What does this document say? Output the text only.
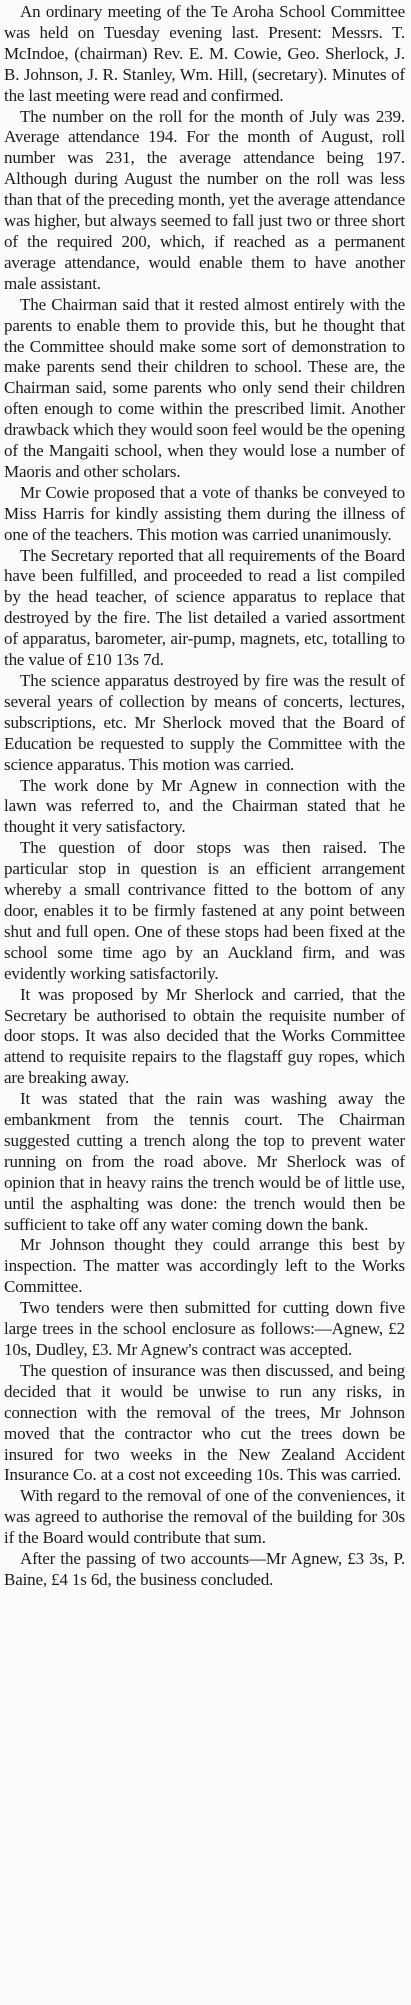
An ordinary meeting of the Te Aroha School Committee was held on Tuesday evening last. Present: Messrs. T. McIndoe, (chairman) Rev. E. M. Cowie, Geo. Sherlock, J. B. Johnson, J. R. Stanley, Wm. Hill, (secretary). Minutes of the last meeting were read and confirmed.

The number on the roll for the month of July was 239. Average attendance 194. For the month of August, roll number was 231, the average attendance being 197. Although during August the number on the roll was less than that of the preceding month, yet the average attendance was higher, but always seemed to fall just two or three short of the required 200, which, if reached as a permanent average attendance, would enable them to have another male assistant.

The Chairman said that it rested almost entirely with the parents to enable them to provide this, but he thought that the Committee should make some sort of demonstration to make parents send their children to school. These are, the Chairman said, some parents who only send their children often enough to come within the prescribed limit. Another drawback which they would soon feel would be the opening of the Mangaiti school, when they would lose a number of Maoris and other scholars.

Mr Cowie proposed that a vote of thanks be conveyed to Miss Harris for kindly assisting them during the illness of one of the teachers. This motion was carried unanimously.

The Secretary reported that all requirements of the Board have been fulfilled, and proceeded to read a list compiled by the head teacher, of science apparatus to replace that destroyed by the fire. The list detailed a varied assortment of apparatus, barometer, air-pump, magnets, etc, totalling to the value of £10 13s 7d.

The science apparatus destroyed by fire was the result of several years of collection by means of concerts, lectures, subscriptions, etc. Mr Sherlock moved that the Board of Education be requested to supply the Committee with the science apparatus. This motion was carried.

The work done by Mr Agnew in connection with the lawn was referred to, and the Chairman stated that he thought it very satisfactory.

The question of door stops was then raised. The particular stop in question is an efficient arrangement whereby a small contrivance fitted to the bottom of any door, enables it to be firmly fastened at any point between shut and full open. One of these stops had been fixed at the school some time ago by an Auckland firm, and was evidently working satisfactorily.

It was proposed by Mr Sherlock and carried, that the Secretary be authorised to obtain the requisite number of door stops. It was also decided that the Works Committee attend to requisite repairs to the flagstaff guy ropes, which are breaking away.

It was stated that the rain was washing away the embankment from the tennis court. The Chairman suggested cutting a trench along the top to prevent water running on from the road above. Mr Sherlock was of opinion that in heavy rains the trench would be of little use, until the asphalting was done: the trench would then be sufficient to take off any water coming down the bank.

Mr Johnson thought they could arrange this best by inspection. The matter was accordingly left to the Works Committee.

Two tenders were then submitted for cutting down five large trees in the school enclosure as follows:—Agnew, £2 10s, Dudley, £3. Mr Agnew's contract was accepted.

The question of insurance was then discussed, and being decided that it would be unwise to run any risks, in connection with the removal of the trees, Mr Johnson moved that the contractor who cut the trees down be insured for two weeks in the New Zealand Accident Insurance Co. at a cost not exceeding 10s. This was carried.

With regard to the removal of one of the conveniences, it was agreed to authorise the removal of the building for 30s if the Board would contribute that sum.

After the passing of two accounts—Mr Agnew, £3 3s, P. Baine, £4 1s 6d, the business concluded.
